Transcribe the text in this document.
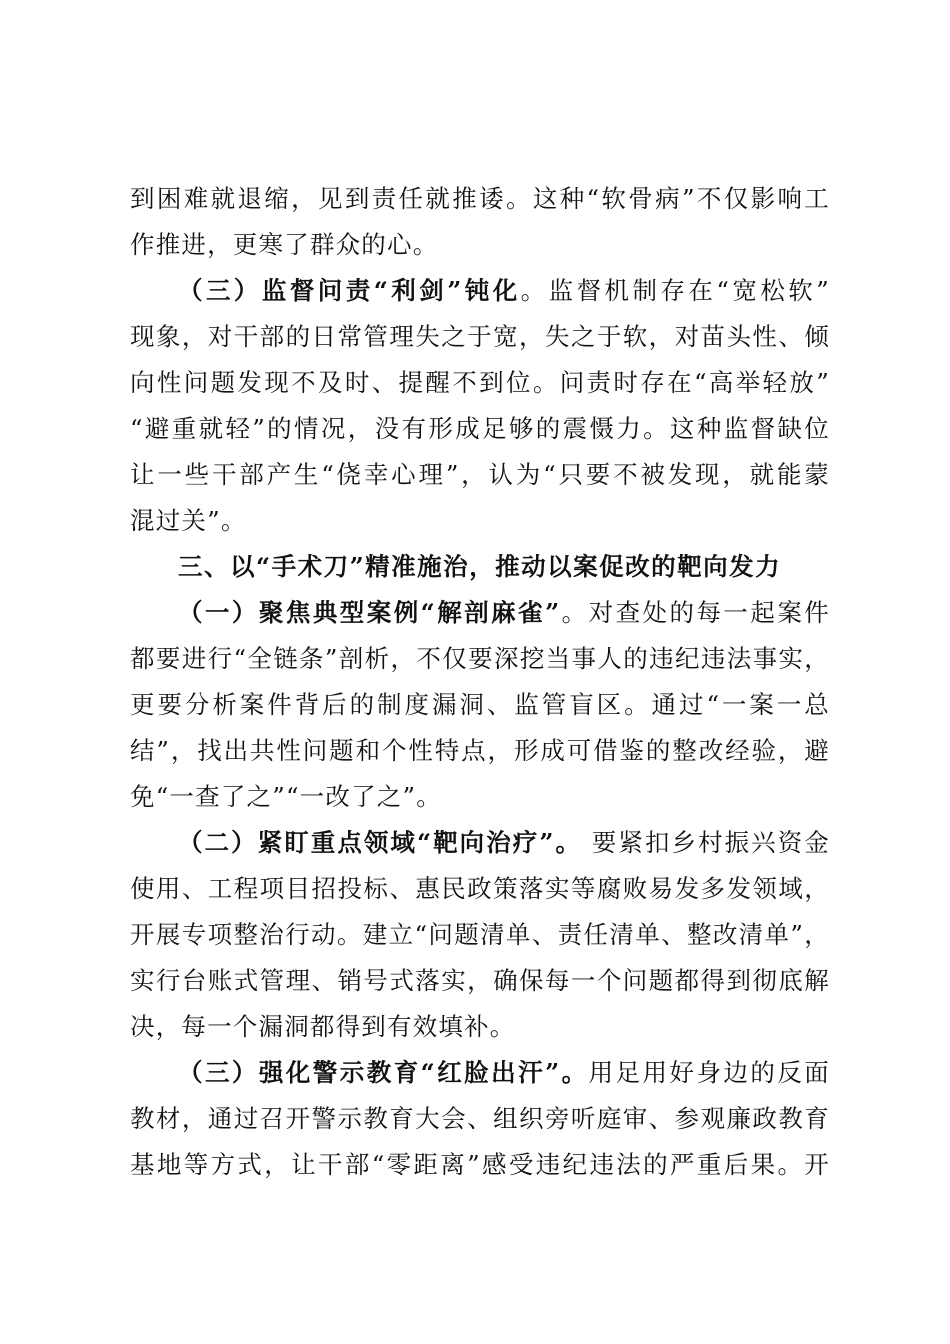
到困难就退缩，见到责任就推诿。这种“软骨病”不仅影响工
作推进，更寒了群众的心。
（三）监督问责“利剑”钝化。监督机制存在“宽松软”
现象，对干部的日常管理失之于宽，失之于软，对苗头性、倾
向性问题发现不及时、提醒不到位。问责时存在“高举轻放”
“避重就轻”的情况，没有形成足够的震慑力。这种监督缺位
让一些干部产生“侥幸心理”，认为“只要不被发现，就能蒙
混过关”。
三、以“手术刀”精准施治，推动以案促改的靶向发力
（一）聚焦典型案例“解剖麻雀”。对查处的每一起案件
都要进行“全链条”剖析，不仅要深挖当事人的违纪违法事实，
更要分析案件背后的制度漏洞、监管盲区。通过“一案一总
结”，找出共性问题和个性特点，形成可借鉴的整改经验，避
免“一查了之”“一改了之”。
（二）紧盯重点领域“靶向治疗”。 要紧扣乡村振兴资金
使用、工程项目招投标、惠民政策落实等腐败易发多发领域，
开展专项整治行动。建立“问题清单、责任清单、整改清单”，
实行台账式管理、销号式落实，确保每一个问题都得到彻底解
决，每一个漏洞都得到有效填补。
（三）强化警示教育“红脸出汗”。用足用好身边的反面
教材，通过召开警示教育大会、组织旁听庭审、参观廉政教育
基地等方式，让干部“零距离”感受违纪违法的严重后果。开
